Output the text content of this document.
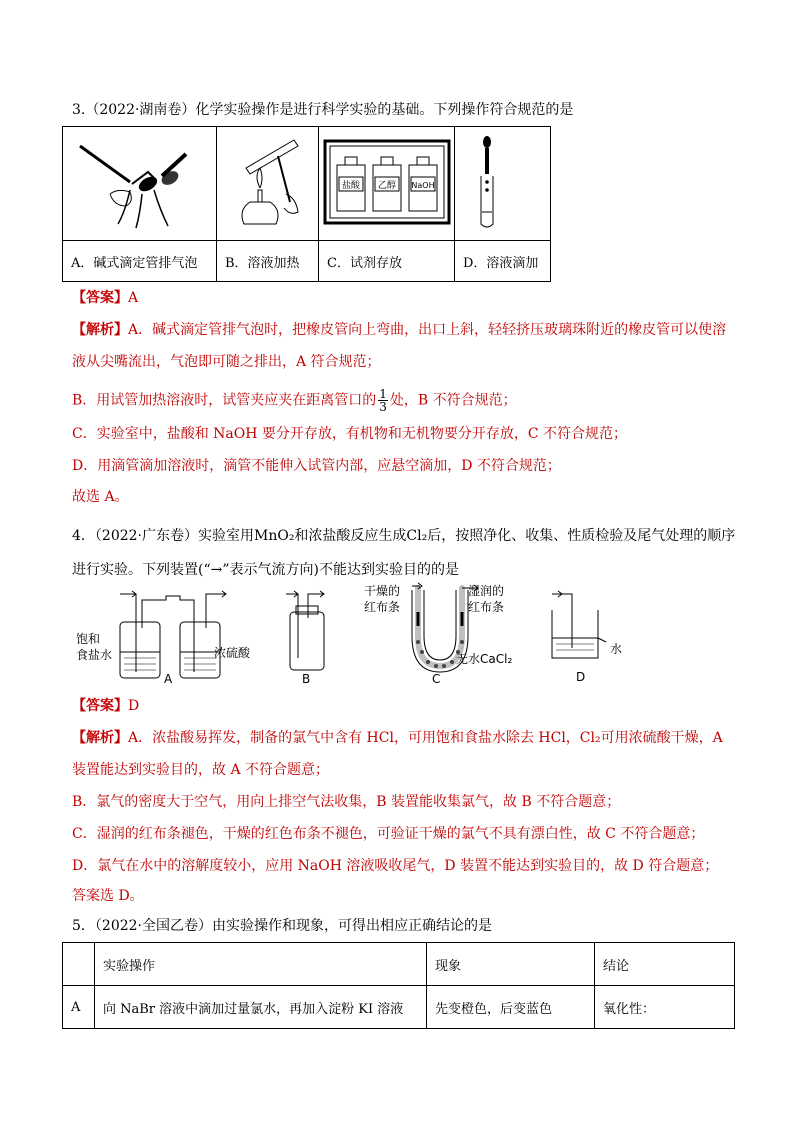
3.（2022·湖南卷）化学实验操作是进行科学实验的基础。下列操作符合规范的是

盐酸 乙醇 NaOH

A．碱式滴定管排气泡	B．溶液加热	C．试剂存放	D．溶液滴加
【答案】A
【解析】A．碱式滴定管排气泡时，把橡皮管向上弯曲，出口上斜，轻轻挤压玻璃珠附近的橡皮管可以使溶
液从尖嘴流出，气泡即可随之排出，A 符合规范；
B．用试管加热溶液时，试管夹应夹在距离管口的 $\frac{1}{3}$ 处，B 不符合规范；
C．实验室中，盐酸和 NaOH 要分开存放，有机物和无机物要分开存放，C 不符合规范；
D．用滴管滴加溶液时，滴管不能伸入试管内部，应悬空滴加，D 不符合规范；
故选 A。
4．（2022·广东卷）实验室用MnO₂和浓盐酸反应生成Cl₂后，按照净化、收集、性质检验及尾气处理的顺序
进行实验。下列装置(“→”表示气流方向)不能达到实验目的的是
饱和
食盐水	浓硫酸
A	B
干燥的
红布条
湿润的
红布条
无水CaCl₂
C
水
D
【答案】D
【解析】A．浓盐酸易挥发，制备的氯气中含有 HCl，可用饱和食盐水除去 HCl，Cl₂可用浓硫酸干燥，A
装置能达到实验目的，故 A 不符合题意；
B．氯气的密度大于空气，用向上排空气法收集，B 装置能收集氯气，故 B 不符合题意；
C．湿润的红布条褪色，干燥的红色布条不褪色，可验证干燥的氯气不具有漂白性，故 C 不符合题意；
D．氯气在水中的溶解度较小，应用 NaOH 溶液吸收尾气，D 装置不能达到实验目的，故 D 符合题意；
答案选 D。
5．（2022·全国乙卷）由实验操作和现象，可得出相应正确结论的是
	实验操作	现象	结论
A	向 NaBr 溶液中滴加过量氯水，再加入淀粉 KI 溶液	先变橙色，后变蓝色	氧化性：
